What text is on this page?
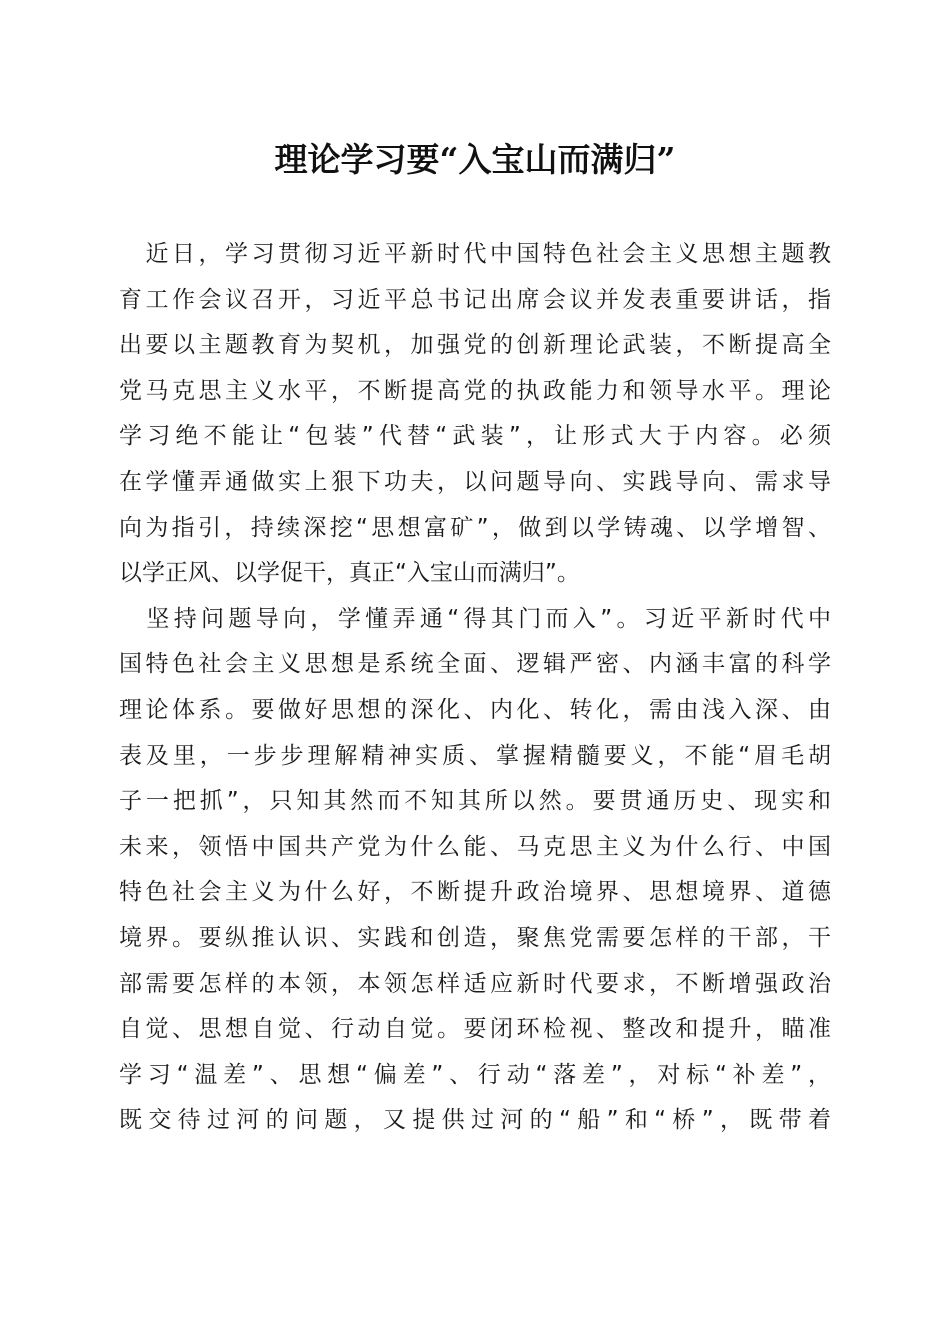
理论学习要“入宝山而满归”
　近日，学习贯彻习近平新时代中国特色社会主义思想主题教
育工作会议召开，习近平总书记出席会议并发表重要讲话，指
出要以主题教育为契机，加强党的创新理论武装，不断提高全
党马克思主义水平，不断提高党的执政能力和领导水平。理论
学习绝不能让“包装”代替“武装”，让形式大于内容。必须
在学懂弄通做实上狠下功夫，以问题导向、实践导向、需求导
向为指引，持续深挖“思想富矿”，做到以学铸魂、以学增智、
以学正风、以学促干，真正“入宝山而满归”。
　坚持问题导向，学懂弄通“得其门而入”。习近平新时代中
国特色社会主义思想是系统全面、逻辑严密、内涵丰富的科学
理论体系。要做好思想的深化、内化、转化，需由浅入深、由
表及里，一步步理解精神实质、掌握精髓要义，不能“眉毛胡
子一把抓”，只知其然而不知其所以然。要贯通历史、现实和
未来，领悟中国共产党为什么能、马克思主义为什么行、中国
特色社会主义为什么好，不断提升政治境界、思想境界、道德
境界。要纵推认识、实践和创造，聚焦党需要怎样的干部，干
部需要怎样的本领，本领怎样适应新时代要求，不断增强政治
自觉、思想自觉、行动自觉。要闭环检视、整改和提升，瞄准
学习“温差”、思想“偏差”、行动“落差”，对标“补差”，
既交待过河的问题，又提供过河的“船”和“桥”，既带着
